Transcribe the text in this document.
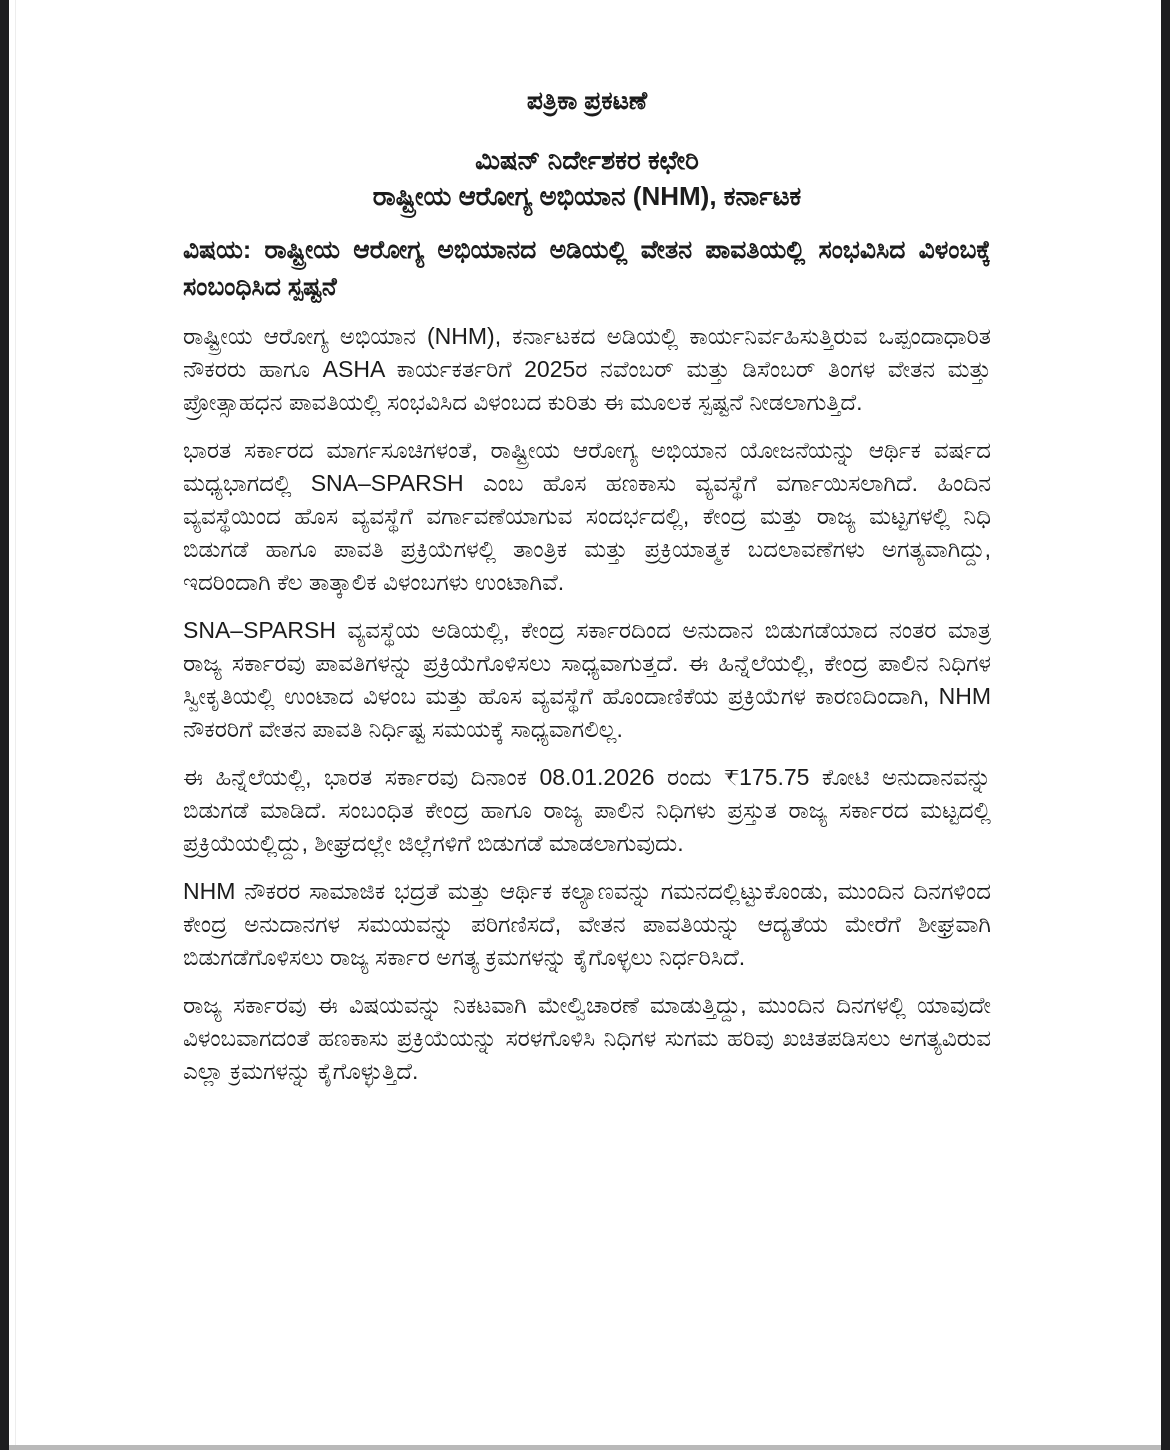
ಪತ್ರಿಕಾ ಪ್ರಕಟಣೆ
ಮಿಷನ್ ನಿರ್ದೇಶಕರ ಕಛೇರಿ
ರಾಷ್ಟ್ರೀಯ ಆರೋಗ್ಯ ಅಭಿಯಾನ (NHM), ಕರ್ನಾಟಕ
ವಿಷಯ: ರಾಷ್ಟ್ರೀಯ ಆರೋಗ್ಯ ಅಭಿಯಾನದ ಅಡಿಯಲ್ಲಿ ವೇತನ ಪಾವತಿಯಲ್ಲಿ ಸಂಭವಿಸಿದ ವಿಳಂಬಕ್ಕೆ ಸಂಬಂಧಿಸಿದ ಸ್ಪಷ್ಟನೆ

ರಾಷ್ಟ್ರೀಯ ಆರೋಗ್ಯ ಅಭಿಯಾನ (NHM), ಕರ್ನಾಟಕದ ಅಡಿಯಲ್ಲಿ ಕಾರ್ಯನಿರ್ವಹಿಸುತ್ತಿರುವ ಒಪ್ಪಂದಾಧಾರಿತ ನೌಕರರು ಹಾಗೂ ASHA ಕಾರ್ಯಕರ್ತರಿಗೆ 2025ರ ನವೆಂಬರ್ ಮತ್ತು ಡಿಸೆಂಬರ್ ತಿಂಗಳ ವೇತನ ಮತ್ತು ಪ್ರೋತ್ಸಾಹಧನ ಪಾವತಿಯಲ್ಲಿ ಸಂಭವಿಸಿದ ವಿಳಂಬದ ಕುರಿತು ಈ ಮೂಲಕ ಸ್ಪಷ್ಟನೆ ನೀಡಲಾಗುತ್ತಿದೆ.

ಭಾರತ ಸರ್ಕಾರದ ಮಾರ್ಗಸೂಚಿಗಳಂತೆ, ರಾಷ್ಟ್ರೀಯ ಆರೋಗ್ಯ ಅಭಿಯಾನ ಯೋಜನೆಯನ್ನು ಆರ್ಥಿಕ ವರ್ಷದ ಮಧ್ಯಭಾಗದಲ್ಲಿ SNA–SPARSH ಎಂಬ ಹೊಸ ಹಣಕಾಸು ವ್ಯವಸ್ಥೆಗೆ ವರ್ಗಾಯಿಸಲಾಗಿದೆ. ಹಿಂದಿನ ವ್ಯವಸ್ಥೆಯಿಂದ ಹೊಸ ವ್ಯವಸ್ಥೆಗೆ ವರ್ಗಾವಣೆಯಾಗುವ ಸಂದರ್ಭದಲ್ಲಿ, ಕೇಂದ್ರ ಮತ್ತು ರಾಜ್ಯ ಮಟ್ಟಗಳಲ್ಲಿ ನಿಧಿ ಬಿಡುಗಡೆ ಹಾಗೂ ಪಾವತಿ ಪ್ರಕ್ರಿಯೆಗಳಲ್ಲಿ ತಾಂತ್ರಿಕ ಮತ್ತು ಪ್ರಕ್ರಿಯಾತ್ಮಕ ಬದಲಾವಣೆಗಳು ಅಗತ್ಯವಾಗಿದ್ದು, ಇದರಿಂದಾಗಿ ಕೆಲ ತಾತ್ಕಾಲಿಕ ವಿಳಂಬಗಳು ಉಂಟಾಗಿವೆ.

SNA–SPARSH ವ್ಯವಸ್ಥೆಯ ಅಡಿಯಲ್ಲಿ, ಕೇಂದ್ರ ಸರ್ಕಾರದಿಂದ ಅನುದಾನ ಬಿಡುಗಡೆಯಾದ ನಂತರ ಮಾತ್ರ ರಾಜ್ಯ ಸರ್ಕಾರವು ಪಾವತಿಗಳನ್ನು ಪ್ರಕ್ರಿಯೆಗೊಳಿಸಲು ಸಾಧ್ಯವಾಗುತ್ತದೆ. ಈ ಹಿನ್ನೆಲೆಯಲ್ಲಿ, ಕೇಂದ್ರ ಪಾಲಿನ ನಿಧಿಗಳ ಸ್ವೀಕೃತಿಯಲ್ಲಿ ಉಂಟಾದ ವಿಳಂಬ ಮತ್ತು ಹೊಸ ವ್ಯವಸ್ಥೆಗೆ ಹೊಂದಾಣಿಕೆಯ ಪ್ರಕ್ರಿಯೆಗಳ ಕಾರಣದಿಂದಾಗಿ, NHM ನೌಕರರಿಗೆ ವೇತನ ಪಾವತಿ ನಿರ್ಧಿಷ್ಟ ಸಮಯಕ್ಕೆ ಸಾಧ್ಯವಾಗಲಿಲ್ಲ.

ಈ ಹಿನ್ನೆಲೆಯಲ್ಲಿ, ಭಾರತ ಸರ್ಕಾರವು ದಿನಾಂಕ 08.01.2026 ರಂದು ₹175.75 ಕೋಟಿ ಅನುದಾನವನ್ನು ಬಿಡುಗಡೆ ಮಾಡಿದೆ. ಸಂಬಂಧಿತ ಕೇಂದ್ರ ಹಾಗೂ ರಾಜ್ಯ ಪಾಲಿನ ನಿಧಿಗಳು ಪ್ರಸ್ತುತ ರಾಜ್ಯ ಸರ್ಕಾರದ ಮಟ್ಟದಲ್ಲಿ ಪ್ರಕ್ರಿಯೆಯಲ್ಲಿದ್ದು, ಶೀಘ್ರದಲ್ಲೇ ಜಿಲ್ಲೆಗಳಿಗೆ ಬಿಡುಗಡೆ ಮಾಡಲಾಗುವುದು.

NHM ನೌಕರರ ಸಾಮಾಜಿಕ ಭದ್ರತೆ ಮತ್ತು ಆರ್ಥಿಕ ಕಲ್ಯಾಣವನ್ನು ಗಮನದಲ್ಲಿಟ್ಟುಕೊಂಡು, ಮುಂದಿನ ದಿನಗಳಿಂದ ಕೇಂದ್ರ ಅನುದಾನಗಳ ಸಮಯವನ್ನು ಪರಿಗಣಿಸದೆ, ವೇತನ ಪಾವತಿಯನ್ನು ಆದ್ಯತೆಯ ಮೇರೆಗೆ ಶೀಘ್ರವಾಗಿ ಬಿಡುಗಡೆಗೊಳಿಸಲು ರಾಜ್ಯ ಸರ್ಕಾರ ಅಗತ್ಯ ಕ್ರಮಗಳನ್ನು ಕೈಗೊಳ್ಳಲು ನಿರ್ಧರಿಸಿದೆ.

ರಾಜ್ಯ ಸರ್ಕಾರವು ಈ ವಿಷಯವನ್ನು ನಿಕಟವಾಗಿ ಮೇಲ್ವಿಚಾರಣೆ ಮಾಡುತ್ತಿದ್ದು, ಮುಂದಿನ ದಿನಗಳಲ್ಲಿ ಯಾವುದೇ ವಿಳಂಬವಾಗದಂತೆ ಹಣಕಾಸು ಪ್ರಕ್ರಿಯೆಯನ್ನು ಸರಳಗೊಳಿಸಿ ನಿಧಿಗಳ ಸುಗಮ ಹರಿವು ಖಚಿತಪಡಿಸಲು ಅಗತ್ಯವಿರುವ ಎಲ್ಲಾ ಕ್ರಮಗಳನ್ನು ಕೈಗೊಳ್ಳುತ್ತಿದೆ.
